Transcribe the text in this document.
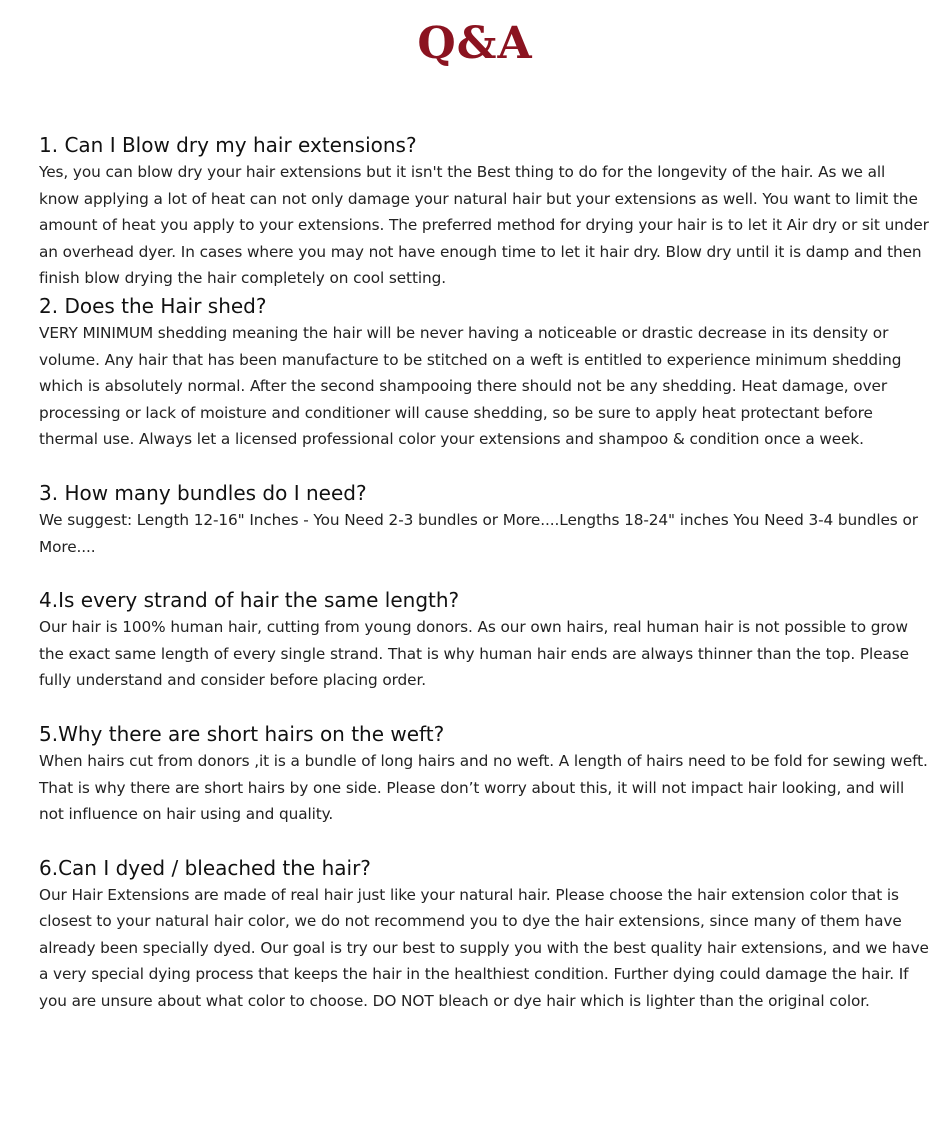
Q&A
1. Can I Blow dry my hair extensions?

Yes, you can blow dry your hair extensions but it isn't the Best thing to do for the longevity of the hair. As we all know applying a lot of heat can not only damage your natural hair but your extensions as well. You want to limit the amount of heat you apply to your extensions. The preferred method for drying your hair is to let it Air dry or sit under an overhead dyer. In cases where you may not have enough time to let it hair dry. Blow dry until it is damp and then finish blow drying the hair completely on cool setting.

2. Does the Hair shed?

VERY MINIMUM shedding meaning the hair will be never having a noticeable or drastic decrease in its density or volume. Any hair that has been manufacture to be stitched on a weft is entitled to experience minimum shedding which is absolutely normal. After the second shampooing there should not be any shedding. Heat damage, over processing or lack of moisture and conditioner will cause shedding, so be sure to apply heat protectant before thermal use. Always let a licensed professional color your extensions and shampoo & condition once a week.

3. How many bundles do I need?

We suggest: Length 12-16" Inches - You Need 2-3 bundles or More....Lengths 18-24" inches You Need 3-4 bundles or More....

4.Is every strand of hair the same length?

Our hair is 100% human hair, cutting from young donors. As our own hairs, real human hair is not possible to grow the exact same length of every single strand. That is why human hair ends are always thinner than the top. Please fully understand and consider before placing order.

5.Why there are short hairs on the weft?

When hairs cut from donors ,it is a bundle of long hairs and no weft. A length of hairs need to be fold for sewing weft.

That is why there are short hairs by one side. Please don’t worry about this, it will not impact hair looking, and will not influence on hair using and quality.

6.Can I dyed / bleached the hair?

Our Hair Extensions are made of real hair just like your natural hair. Please choose the hair extension color that is closest to your natural hair color, we do not recommend you to dye the hair extensions, since many of them have already been specially dyed. Our goal is try our best to supply you with the best quality hair extensions, and we have a very special dying process that keeps the hair in the healthiest condition. Further dying could damage the hair. If you are unsure about what color to choose. DO NOT bleach or dye hair which is lighter than the original color.
